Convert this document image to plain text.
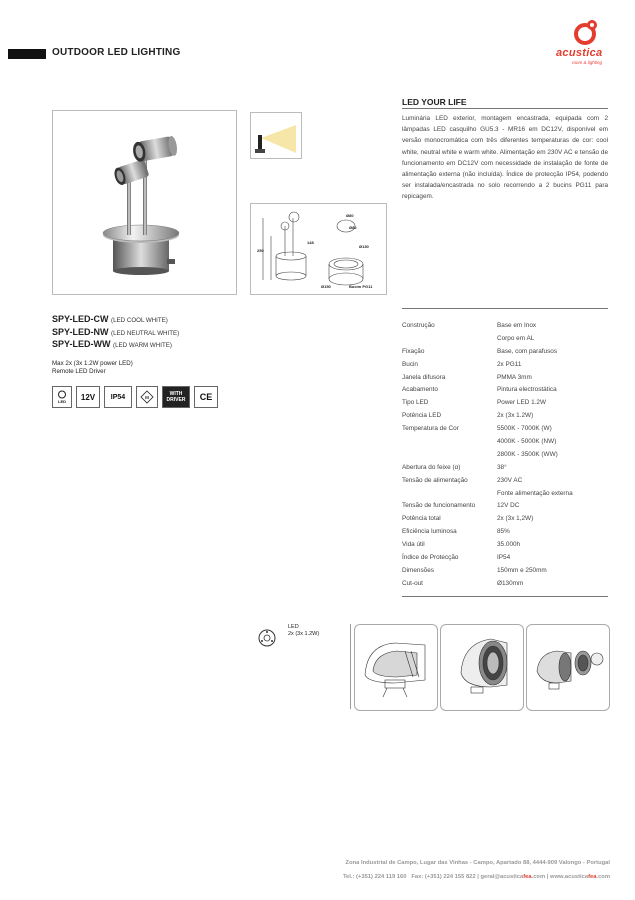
OUTDOOR LED LIGHTING	acustica
room & lighting
250
148
Ø80
Ø82
Ø130
Ø150	Bucim PG11
LED YOUR LIFE
Luminária LED exterior, montagem encastrada, equipada com 2 lâmpadas LED casquilho GU5.3 - MR16 em DC12V, disponível em versão monocromática com três diferentes temperaturas de cor: cool white, neutral white e warm white. Alimentação em 230V AC e tensão de funcionamento em DC12V com necessidade de instalação de fonte de alimentação externa (não incluída). Índice de protecção IP54, podendo ser instalada/encastrada no solo recorrendo a 2 bucins PG11 para repicagem.
SPY-LED-CW (LED COOL WHITE)
SPY-LED-NW (LED NEUTRAL WHITE)
SPY-LED-WW (LED WARM WHITE)
Max 2x (3x 1.2W power LED)
Remote LED Driver
LED	12V	IP54	III
WITH
DRIVER	CE
Construção	Base em Inox
Corpo em AL
Fixação	Base, com parafusos
Bucin	2x PG11
Janela difusora	PMMA 3mm
Acabamento	Pintura electrostática
Tipo LED	Power LED 1.2W
Potência LED	2x (3x 1.2W)
Temperatura de Cor	5500K - 7000K (W)
4000K - 5000K (NW)
2800K - 3500K (WW)
Abertura do feixe (α)	38°
Tensão de alimentação	230V AC
Fonte alimentação externa
Tensão de funcionamento	12V DC
Potência total	2x (3x 1,2W)
Eficiência luminosa	85%
Vida útil	35.000h
Índice de Protecção	IP54
Dimensões	150mm e 250mm
Cut-out	Ø130mm
LED
2x (3x 1.2W)
Zona Industrial de Campo, Lugar das Vinhas - Campo, Apartado 88, 4444-909 Valongo - Portugal
Tel.: (+351) 224 119 160 Fax: (+351) 224 155 822 | geral@acusticafea.com | www.acusticafea.com
